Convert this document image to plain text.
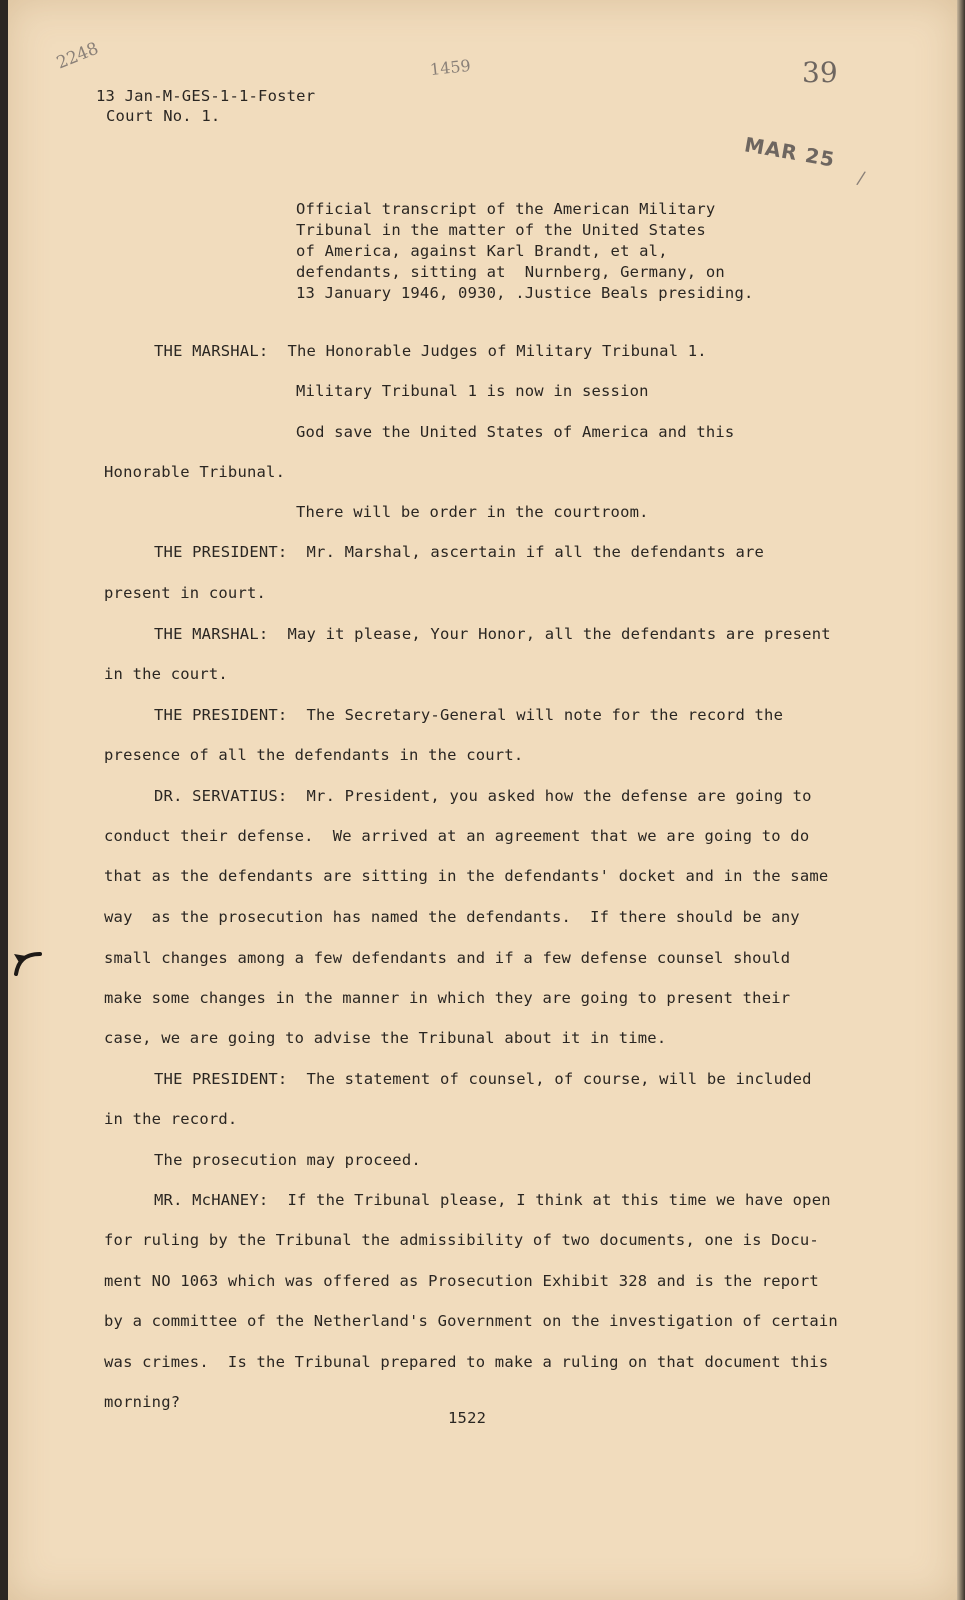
2248	1459	39
MAR 25
/
13 Jan-M-GES-1-1-Foster
Court No. 1.
Official transcript of the American Military
Tribunal in the matter of the United States
of America, against Karl Brandt, et al,
defendants, sitting at  Nurnberg, Germany, on
13 January 1946, 0930, .Justice Beals presiding.
THE MARSHAL:  The Honorable Judges of Military Tribunal 1.
Military Tribunal 1 is now in session
God save the United States of America and this
Honorable Tribunal.
There will be order in the courtroom.
THE PRESIDENT:  Mr. Marshal, ascertain if all the defendants are
present in court.
THE MARSHAL:  May it please, Your Honor, all the defendants are present
in the court.
THE PRESIDENT:  The Secretary-General will note for the record the
presence of all the defendants in the court.
DR. SERVATIUS:  Mr. President, you asked how the defense are going to
conduct their defense.  We arrived at an agreement that we are going to do
that as the defendants are sitting in the defendants' docket and in the same
way  as the prosecution has named the defendants.  If there should be any
small changes among a few defendants and if a few defense counsel should
make some changes in the manner in which they are going to present their
case, we are going to advise the Tribunal about it in time.
THE PRESIDENT:  The statement of counsel, of course, will be included
in the record.
The prosecution may proceed.
MR. McHANEY:  If the Tribunal please, I think at this time we have open
for ruling by the Tribunal the admissibility of two documents, one is Docu-
ment NO 1063 which was offered as Prosecution Exhibit 328 and is the report
by a committee of the Netherland's Government on the investigation of certain
was crimes.  Is the Tribunal prepared to make a ruling on that document this
morning?
1522
